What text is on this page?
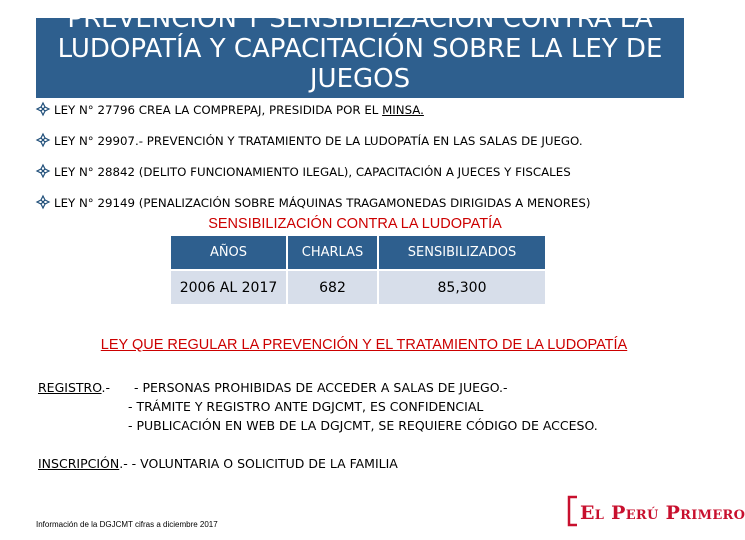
PREVENCIÓN Y SENSIBILIZACIÓN CONTRA LA LUDOPATÍA Y CAPACITACIÓN SOBRE LA LEY DE JUEGOS
LEY N° 27796 CREA LA COMPREPAJ, PRESIDIDA POR EL MINSA.
LEY N° 29907.- PREVENCIÓN Y TRATAMIENTO DE LA LUDOPATÍA EN LAS SALAS DE JUEGO.
LEY N° 28842 (DELITO FUNCIONAMIENTO ILEGAL), CAPACITACIÓN A JUECES Y FISCALES
LEY N° 29149 (PENALIZACIÓN SOBRE MÁQUINAS TRAGAMONEDAS DIRIGIDAS A MENORES)
SENSIBILIZACIÓN CONTRA LA LUDOPATÍA
AÑOS	CHARLAS	SENSIBILIZADOS
2006 AL 2017	682	85,300
LEY QUE REGULAR LA PREVENCIÓN Y EL TRATAMIENTO DE LA LUDOPATÍA
REGISTRO.-	- PERSONAS PROHIBIDAS DE ACCEDER A SALAS DE JUEGO.-
- TRÁMITE Y REGISTRO ANTE DGJCMT, ES CONFIDENCIAL
- PUBLICACIÓN EN WEB DE LA DGJCMT, SE REQUIERE CÓDIGO DE ACCESO.
INSCRIPCIÓN.- - VOLUNTARIA O SOLICITUD DE LA FAMILIA
Información de la DGJCMT cifras a diciembre 2017
El Perú Primero
